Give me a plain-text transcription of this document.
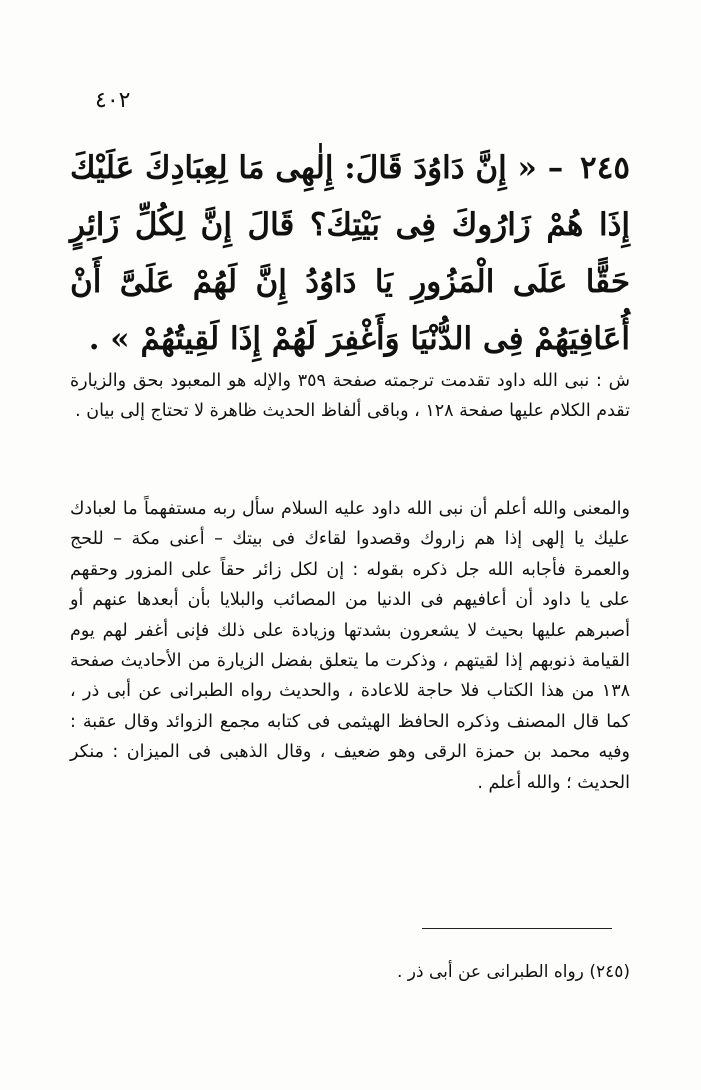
٤٠٢
٢٤٥ – « إِنَّ دَاوُدَ قَالَ: إِلٰهِى مَا لِعِبَادِكَ عَلَيْكَ إِذَا هُمْ زَارُوكَ فِى بَيْتِكَ؟ قَالَ إِنَّ لِكُلِّ زَائِرٍ حَقًّا عَلَى الْمَزُورِ يَا دَاوُدُ إِنَّ لَهُمْ عَلَىَّ أَنْ أُعَافِيَهُمْ فِى الدُّنْيَا وَأَغْفِرَ لَهُمْ إِذَا لَقِيتُهُمْ » .
ش : نبى الله داود تقدمت ترجمته صفحة ٣٥٩ والإله هو المعبود بحق والزيارة تقدم الكلام عليها صفحة ١٢٨ ، وباقى ألفاظ الحديث ظاهرة لا تحتاج إلى بيان .
والمعنى والله أعلم أن نبى الله داود عليه السلام سأل ربه مستفهماً ما لعبادك عليك يا إلهى إذا هم زاروك وقصدوا لقاءك فى بيتك – أعنى مكة – للحج والعمرة فأجابه الله جل ذكره بقوله : إن لكل زائر حقاً على المزور وحقهم على يا داود أن أعافيهم فى الدنيا من المصائب والبلايا بأن أبعدها عنهم أو أصبرهم عليها بحيث لا يشعرون بشدتها وزيادة على ذلك فإنى أغفر لهم يوم القيامة ذنوبهم إذا لقيتهم ، وذكرت ما يتعلق بفضل الزيارة من الأحاديث صفحة ١٣٨ من هذا الكتاب فلا حاجة للاعادة ، والحديث رواه الطبرانى عن أبى ذر ، كما قال المصنف وذكره الحافظ الهيثمى فى كتابه مجمع الزوائد وقال عقبة : وفيه محمد بن حمزة الرقى وهو ضعيف ، وقال الذهبى فى الميزان : منكر الحديث ؛ والله أعلم .
(٢٤٥) رواه الطبرانى عن أبى ذر .
